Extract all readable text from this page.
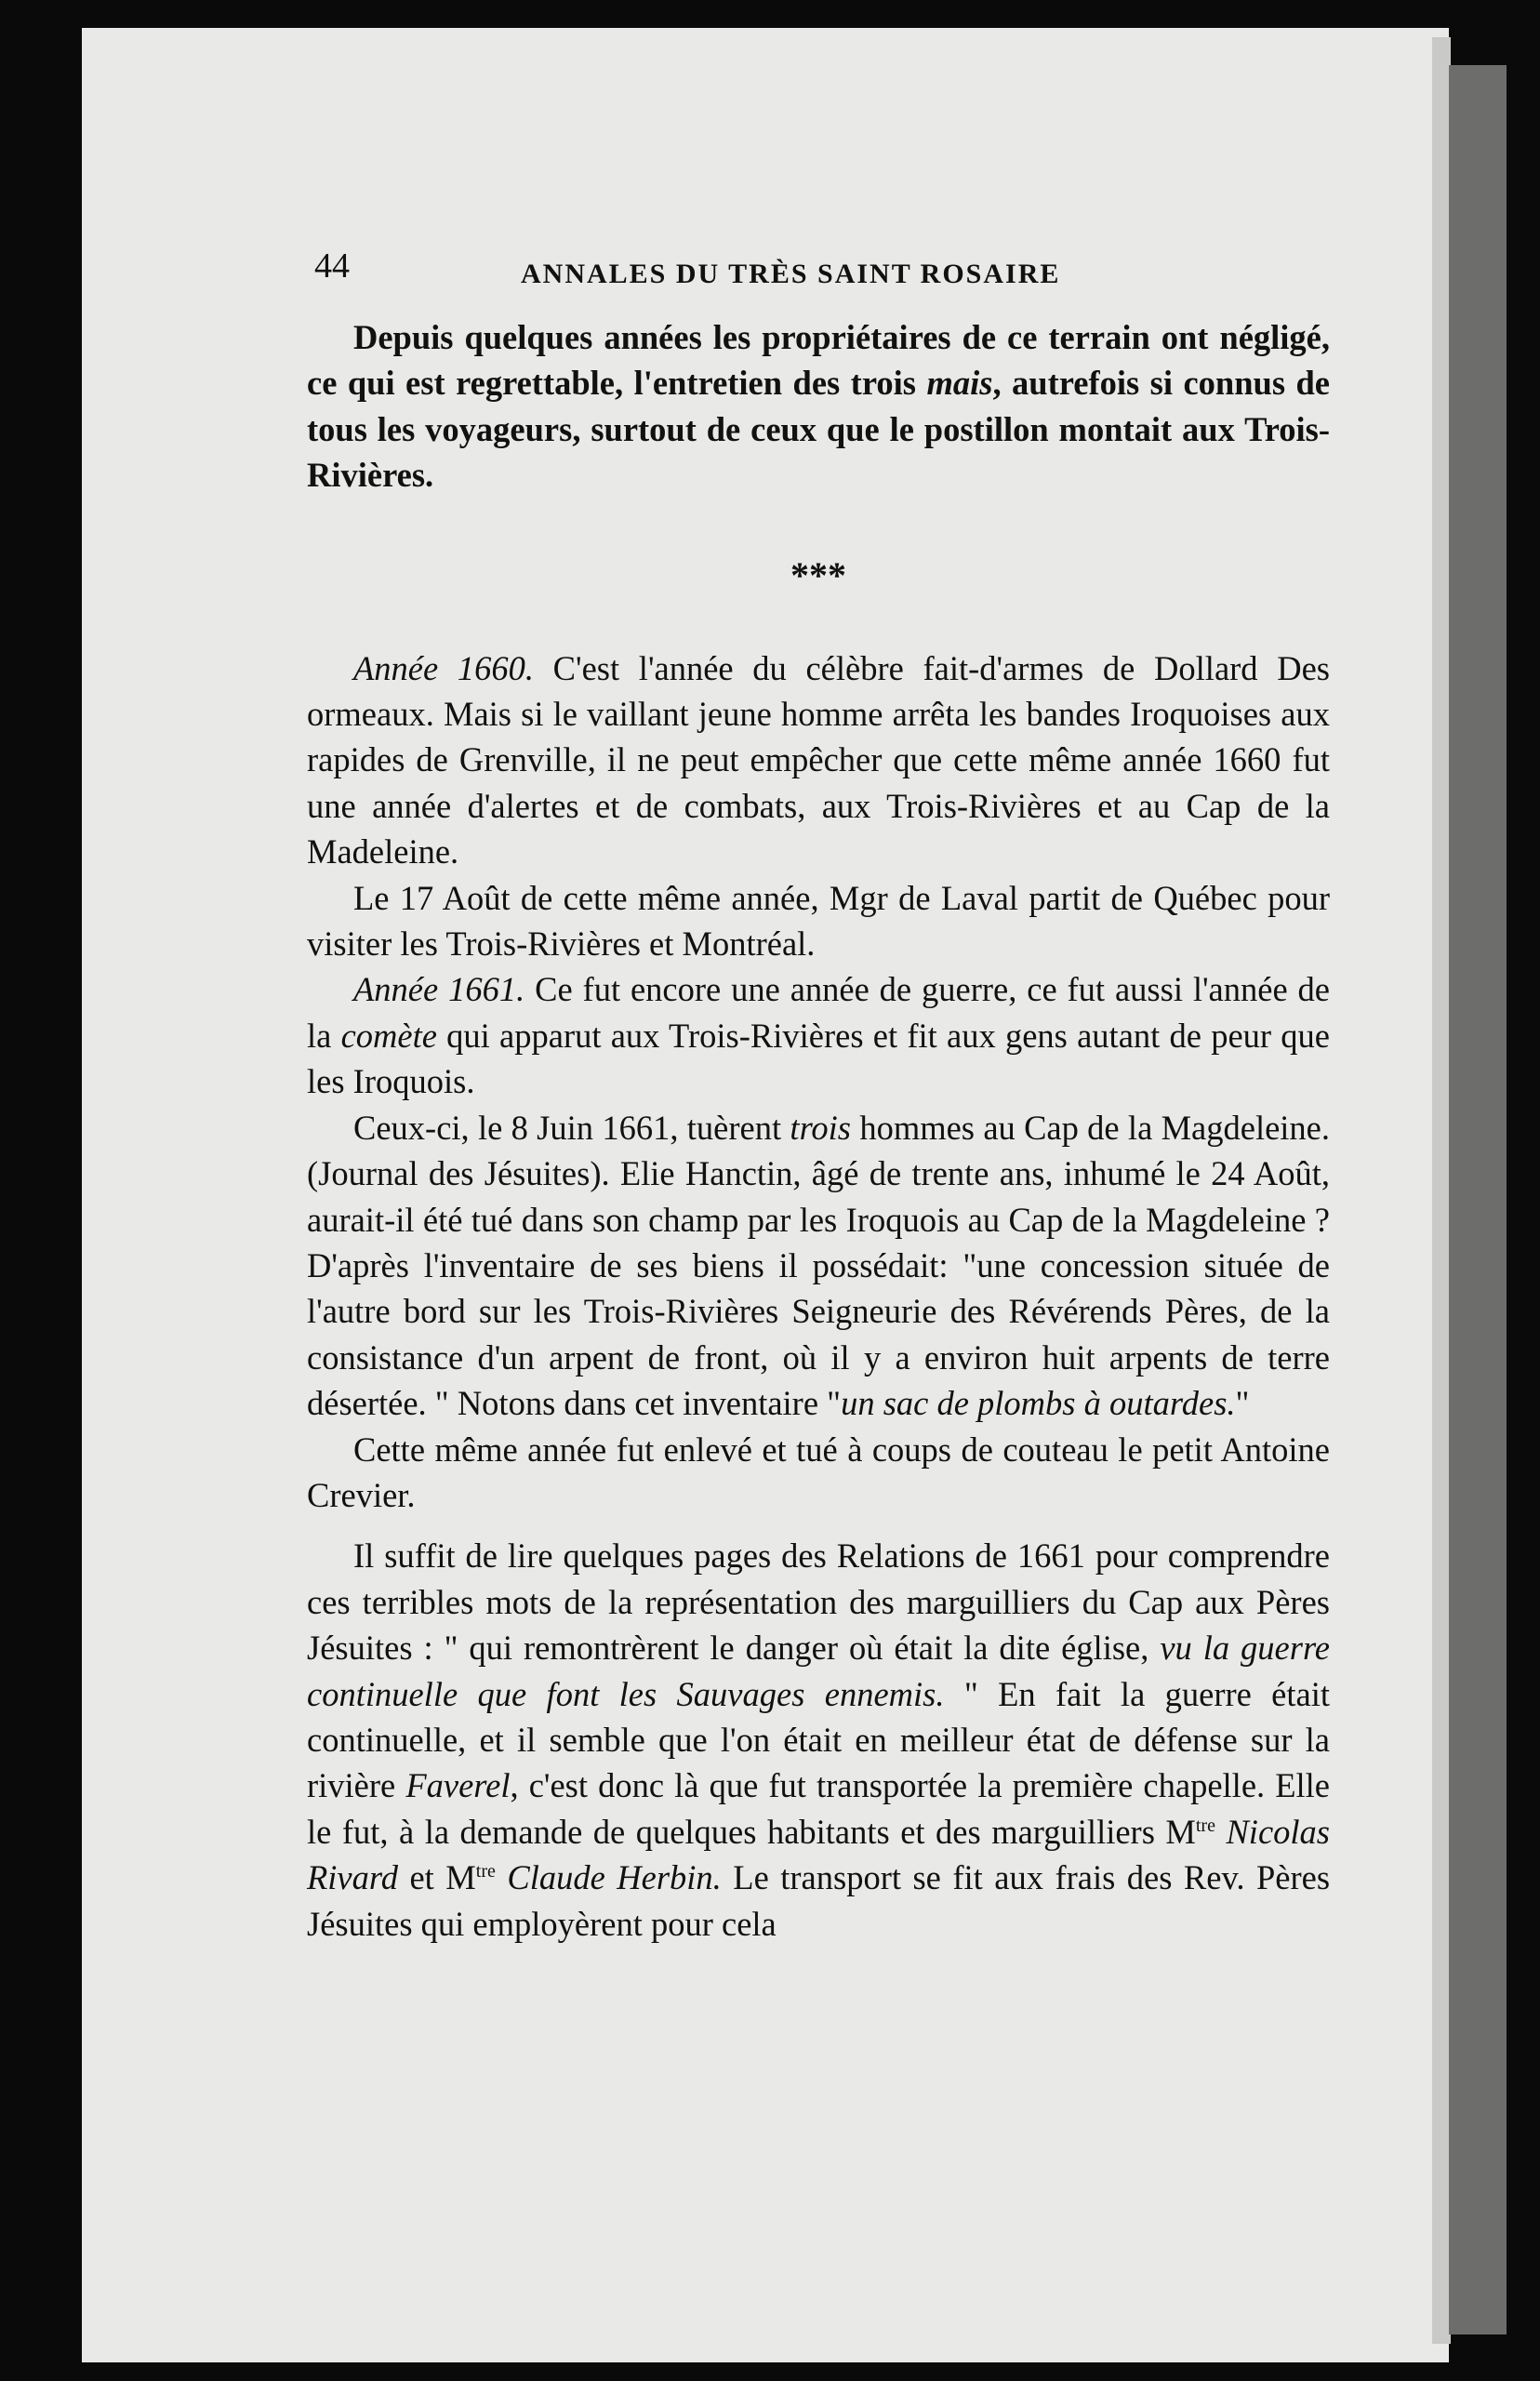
44	ANNALES DU TRÈS SAINT ROSAIRE

Depuis quelques années les propriétaires de ce terrain ont négligé, ce qui est regrettable, l'entretien des trois mais, autrefois si connus de tous les voyageurs, surtout de ceux que le postillon montait aux Trois-Rivières.

***

Année 1660. C'est l'année du célèbre fait-d'armes de Dollard Des ormeaux. Mais si le vaillant jeune homme arrêta les bandes Iroquoises aux rapides de Grenville, il ne peut empêcher que cette même année 1660 fut une année d'alertes et de combats, aux Trois-Rivières et au Cap de la Madeleine.

Le 17 Août de cette même année, Mgr de Laval partit de Québec pour visiter les Trois-Rivières et Montréal.

Année 1661. Ce fut encore une année de guerre, ce fut aussi l'année de la comète qui apparut aux Trois-Rivières et fit aux gens autant de peur que les Iroquois.

Ceux-ci, le 8 Juin 1661, tuèrent trois hommes au Cap de la Magdeleine. (Journal des Jésuites). Elie Hanctin, âgé de trente ans, inhumé le 24 Août, aurait-il été tué dans son champ par les Iroquois au Cap de la Magdeleine ? D'après l'inventaire de ses biens il possédait: "une concession située de l'autre bord sur les Trois-Rivières Seigneurie des Révérends Pères, de la consistance d'un arpent de front, où il y a environ huit arpents de terre désertée. " Notons dans cet inventaire "un sac de plombs à outardes."

Cette même année fut enlevé et tué à coups de couteau le petit Antoine Crevier.

Il suffit de lire quelques pages des Relations de 1661 pour comprendre ces terribles mots de la représentation des marguilliers du Cap aux Pères Jésuites : " qui remontrèrent le danger où était la dite église, vu la guerre continuelle que font les Sauvages ennemis. " En fait la guerre était continuelle, et il semble que l'on était en meilleur état de défense sur la rivière Faverel, c'est donc là que fut transportée la première chapelle. Elle le fut, à la demande de quelques habitants et des marguilliers $M^{tre}$ Nicolas Rivard et $M^{tre}$ Claude Herbin. Le transport se fit aux frais des Rev. Pères Jésuites qui employèrent pour cela
